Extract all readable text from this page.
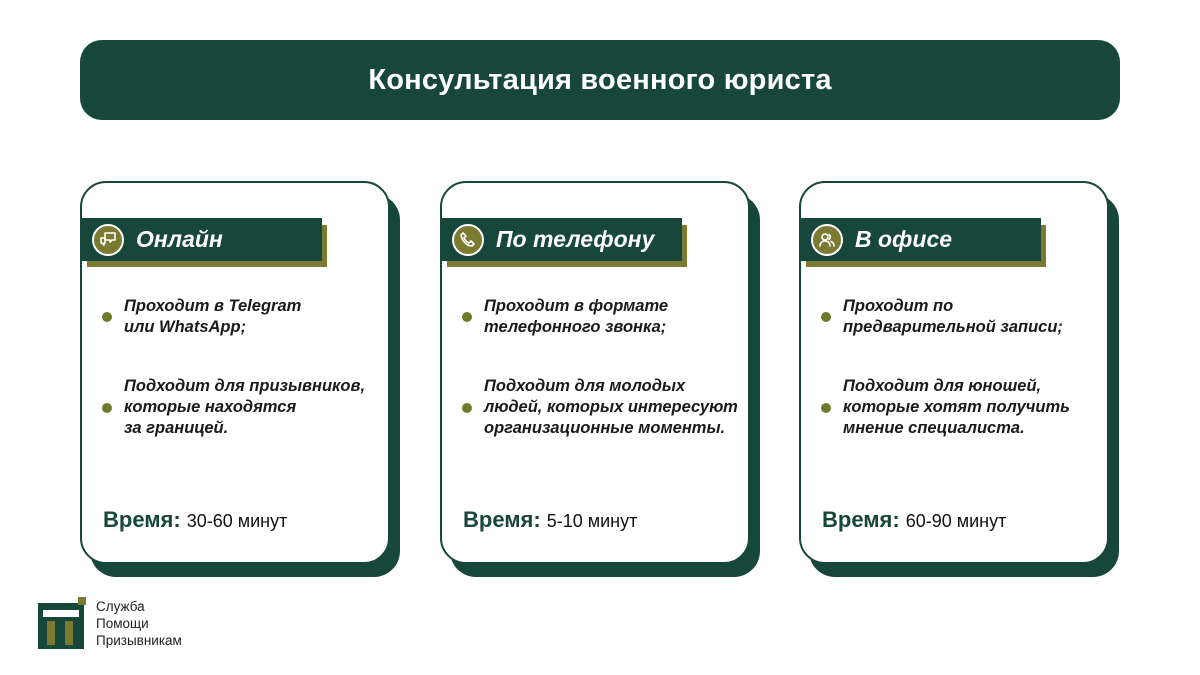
Консультация военного юриста
Онлайн
Проходит в Telegram
или WhatsApp;
Подходит для призывников,
которые находятся
за границей.
Время: 30-60 минут
По телефону
Проходит в формате
телефонного звонка;
Подходит для молодых
людей, которых интересуют
организационные моменты.
Время: 5-10 минут
В офисе
Проходит по
предварительной записи;
Подходит для юношей,
которые хотят получить
мнение специалиста.
Время: 60-90 минут
Служба
Помощи
Призывникам
